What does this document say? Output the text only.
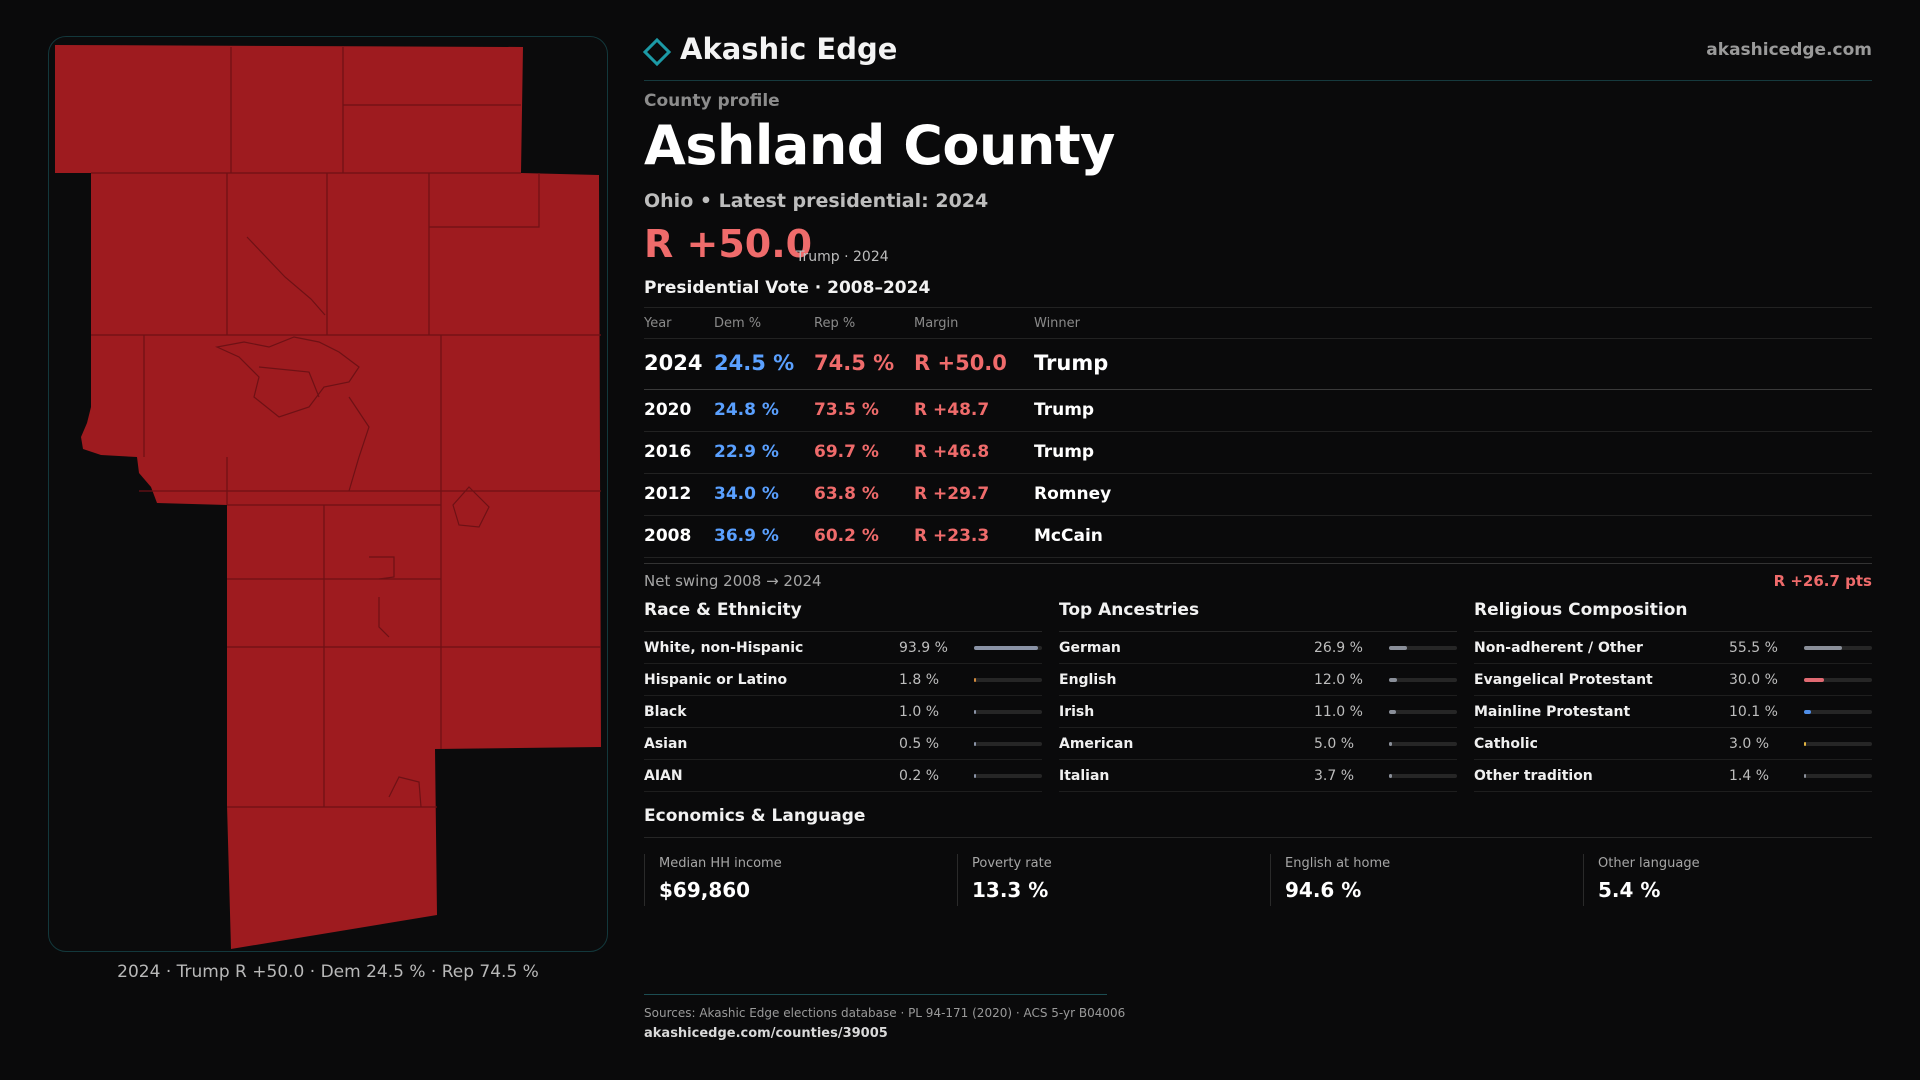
2024 · Trump R +50.0 · Dem 24.5 % · Rep 74.5 %
Akashic Edge	akashicedge.com
County profile
Ashland County
Ohio • Latest presidential: 2024
R +50.0
Trump · 2024
Presidential Vote · 2008–2024
Year	Dem %	Rep %	Margin	Winner
2024 24.5 % 74.5 % R +50.0 Trump
2020 24.8 % 73.5 % R +48.7	Trump
2016 22.9 % 69.7 % R +46.8	Trump
2012 34.0 % 63.8 % R +29.7	Romney
2008 36.9 % 60.2 % R +23.3	McCain
Net swing 2008 → 2024	R +26.7 pts
Race & Ethnicity
White, non-Hispanic	93.9 %
Hispanic or Latino	1.8 %
Black	1.0 %
Asian	0.5 %
AIAN	0.2 %
Top Ancestries
German	26.9 %
English	12.0 %
Irish	11.0 %
American	5.0 %
Italian	3.7 %
Religious Composition
Non-adherent / Other	55.5 %
Evangelical Protestant	30.0 %
Mainline Protestant	10.1 %
Catholic	3.0 %
Other tradition	1.4 %
Economics & Language
Median HH income
$69,860
Poverty rate
13.3 %
English at home
94.6 %
Other language
5.4 %
Sources: Akashic Edge elections database · PL 94-171 (2020) · ACS 5-yr B04006
akashicedge.com/counties/39005
